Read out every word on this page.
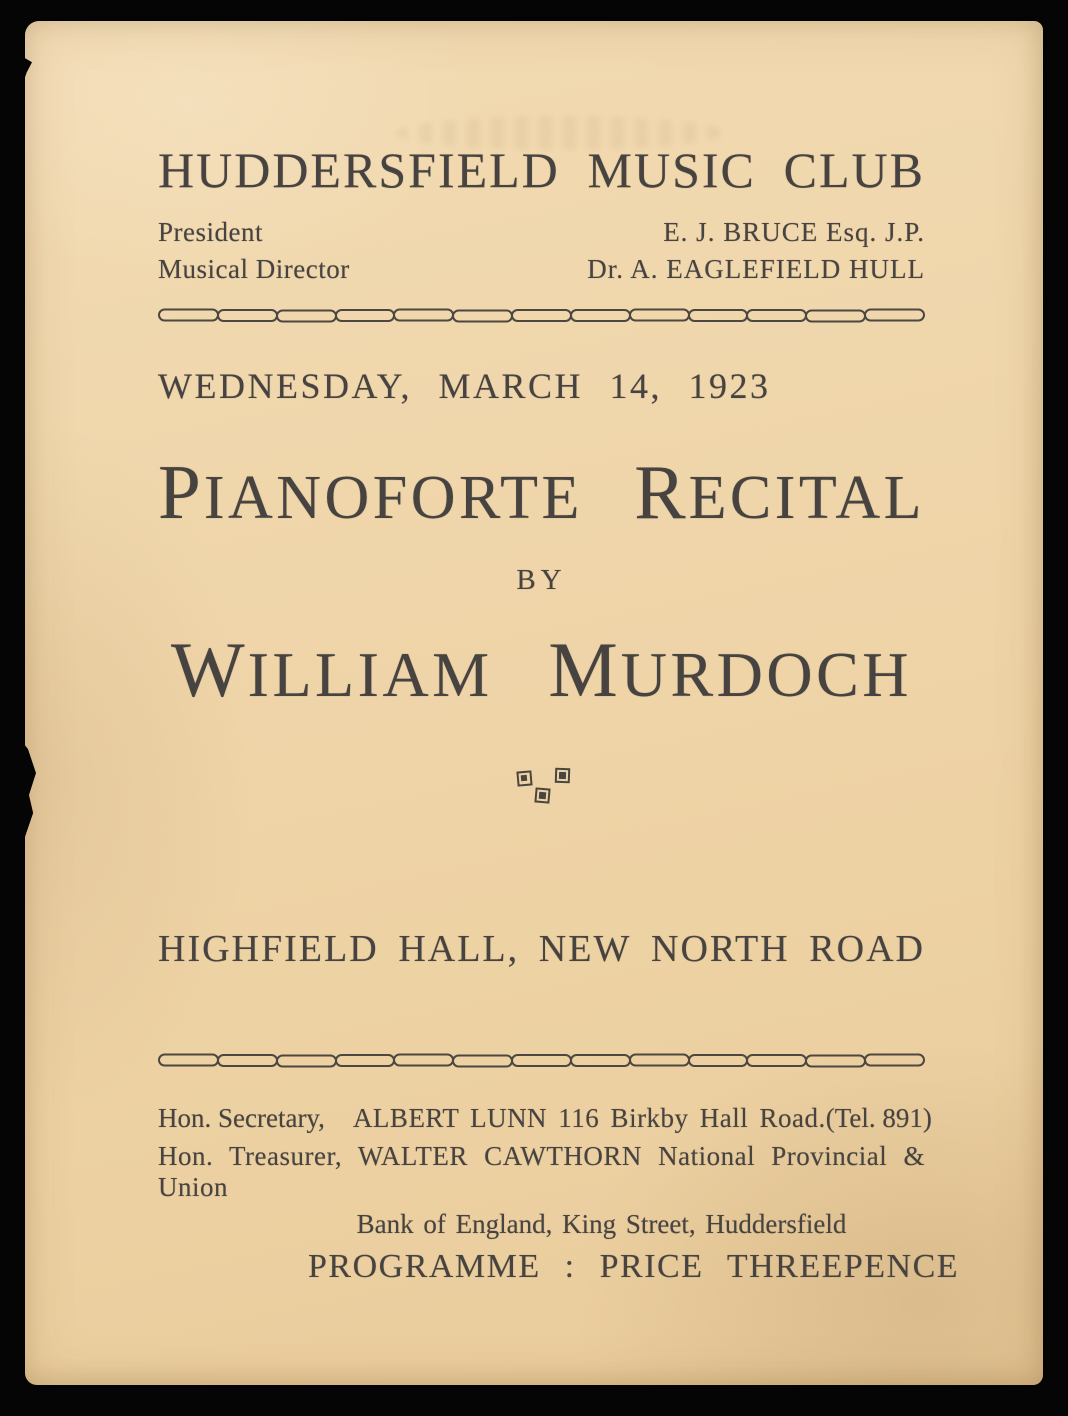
HUDDERSFIELD MUSIC CLUB
President	E. J. BRUCE Esq. J.P.
Musical Director	Dr. A. EAGLEFIELD HULL
WEDNESDAY, MARCH 14, 1923
PIANOFORTE RECITAL
BY
WILLIAM MURDOCH
HIGHFIELD HALL, NEW NORTH ROAD
Hon. Secretary, ALBERT LUNN 116 Birkby Hall Road. (Tel. 891)
Hon. Treasurer, WALTER CAWTHORN National Provincial & Union
Bank of England, King Street, Huddersfield
PROGRAMME : PRICE THREEPENCE
